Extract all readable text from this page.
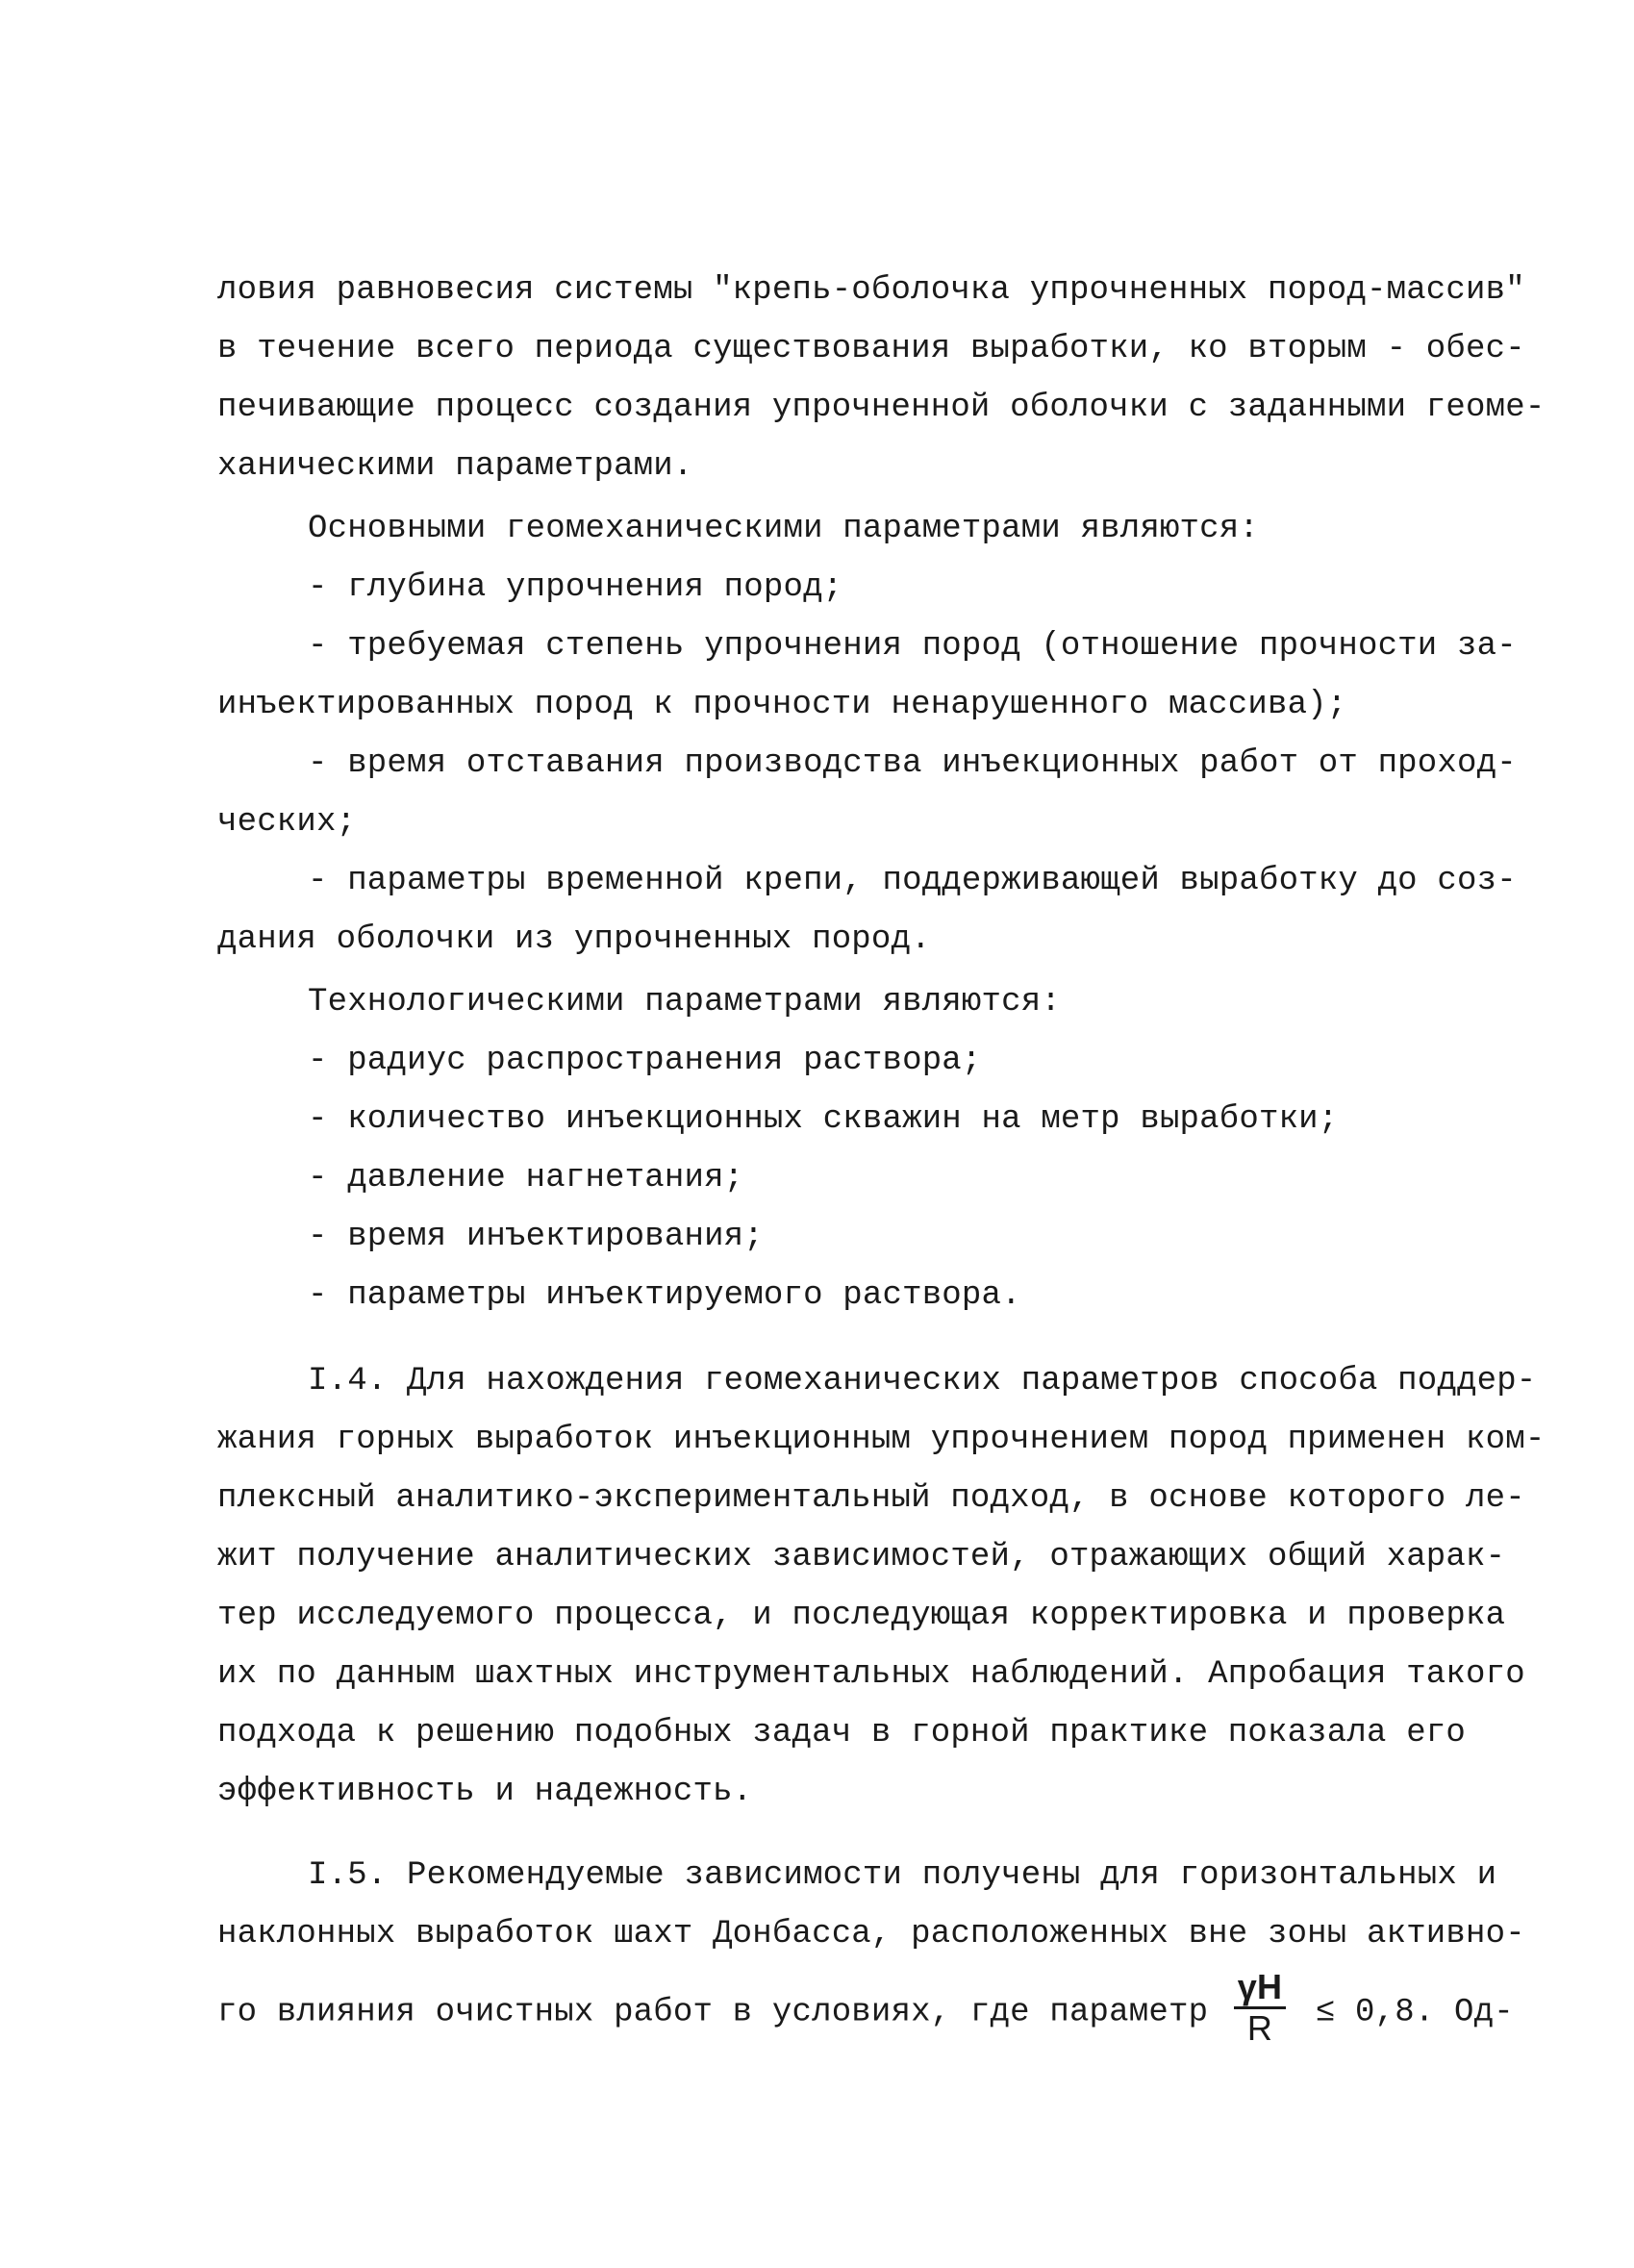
ловия равновесия системы "крепь-оболочка упрочненных пород-массив"
в течение всего периода существования выработки, ко вторым - обес-
печивающие процесс создания упрочненной оболочки с заданными геоме-
ханическими параметрами.
Основными геомеханическими параметрами являются:
- глубина упрочнения пород;
- требуемая степень упрочнения пород (отношение прочности за-
инъектированных пород к прочности ненарушенного массива);
- время отставания производства инъекционных работ от проход-
ческих;
- параметры временной крепи, поддерживающей выработку до соз-
дания оболочки из упрочненных пород.
Технологическими параметрами являются:
- радиус распространения раствора;
- количество инъекционных скважин на метр выработки;
- давление нагнетания;
- время инъектирования;
- параметры инъектируемого раствора.
I.4. Для нахождения геомеханических параметров способа поддер-
жания горных выработок инъекционным упрочнением пород применен ком-
плексный аналитико-экспериментальный подход, в основе которого ле-
жит получение аналитических зависимостей, отражающих общий харак-
тер исследуемого процесса, и последующая корректировка и проверка
их по данным шахтных инструментальных наблюдений. Апробация такого
подхода к решению подобных задач в горной практике показала его
эффективность и надежность.
I.5. Рекомендуемые зависимости получены для горизонтальных и
наклонных выработок шахт Донбасса, расположенных вне зоны активно-
го влияния очистных работ в условиях, где параметр $\frac{\gamma H}{R} \le 0,8$. Од-
